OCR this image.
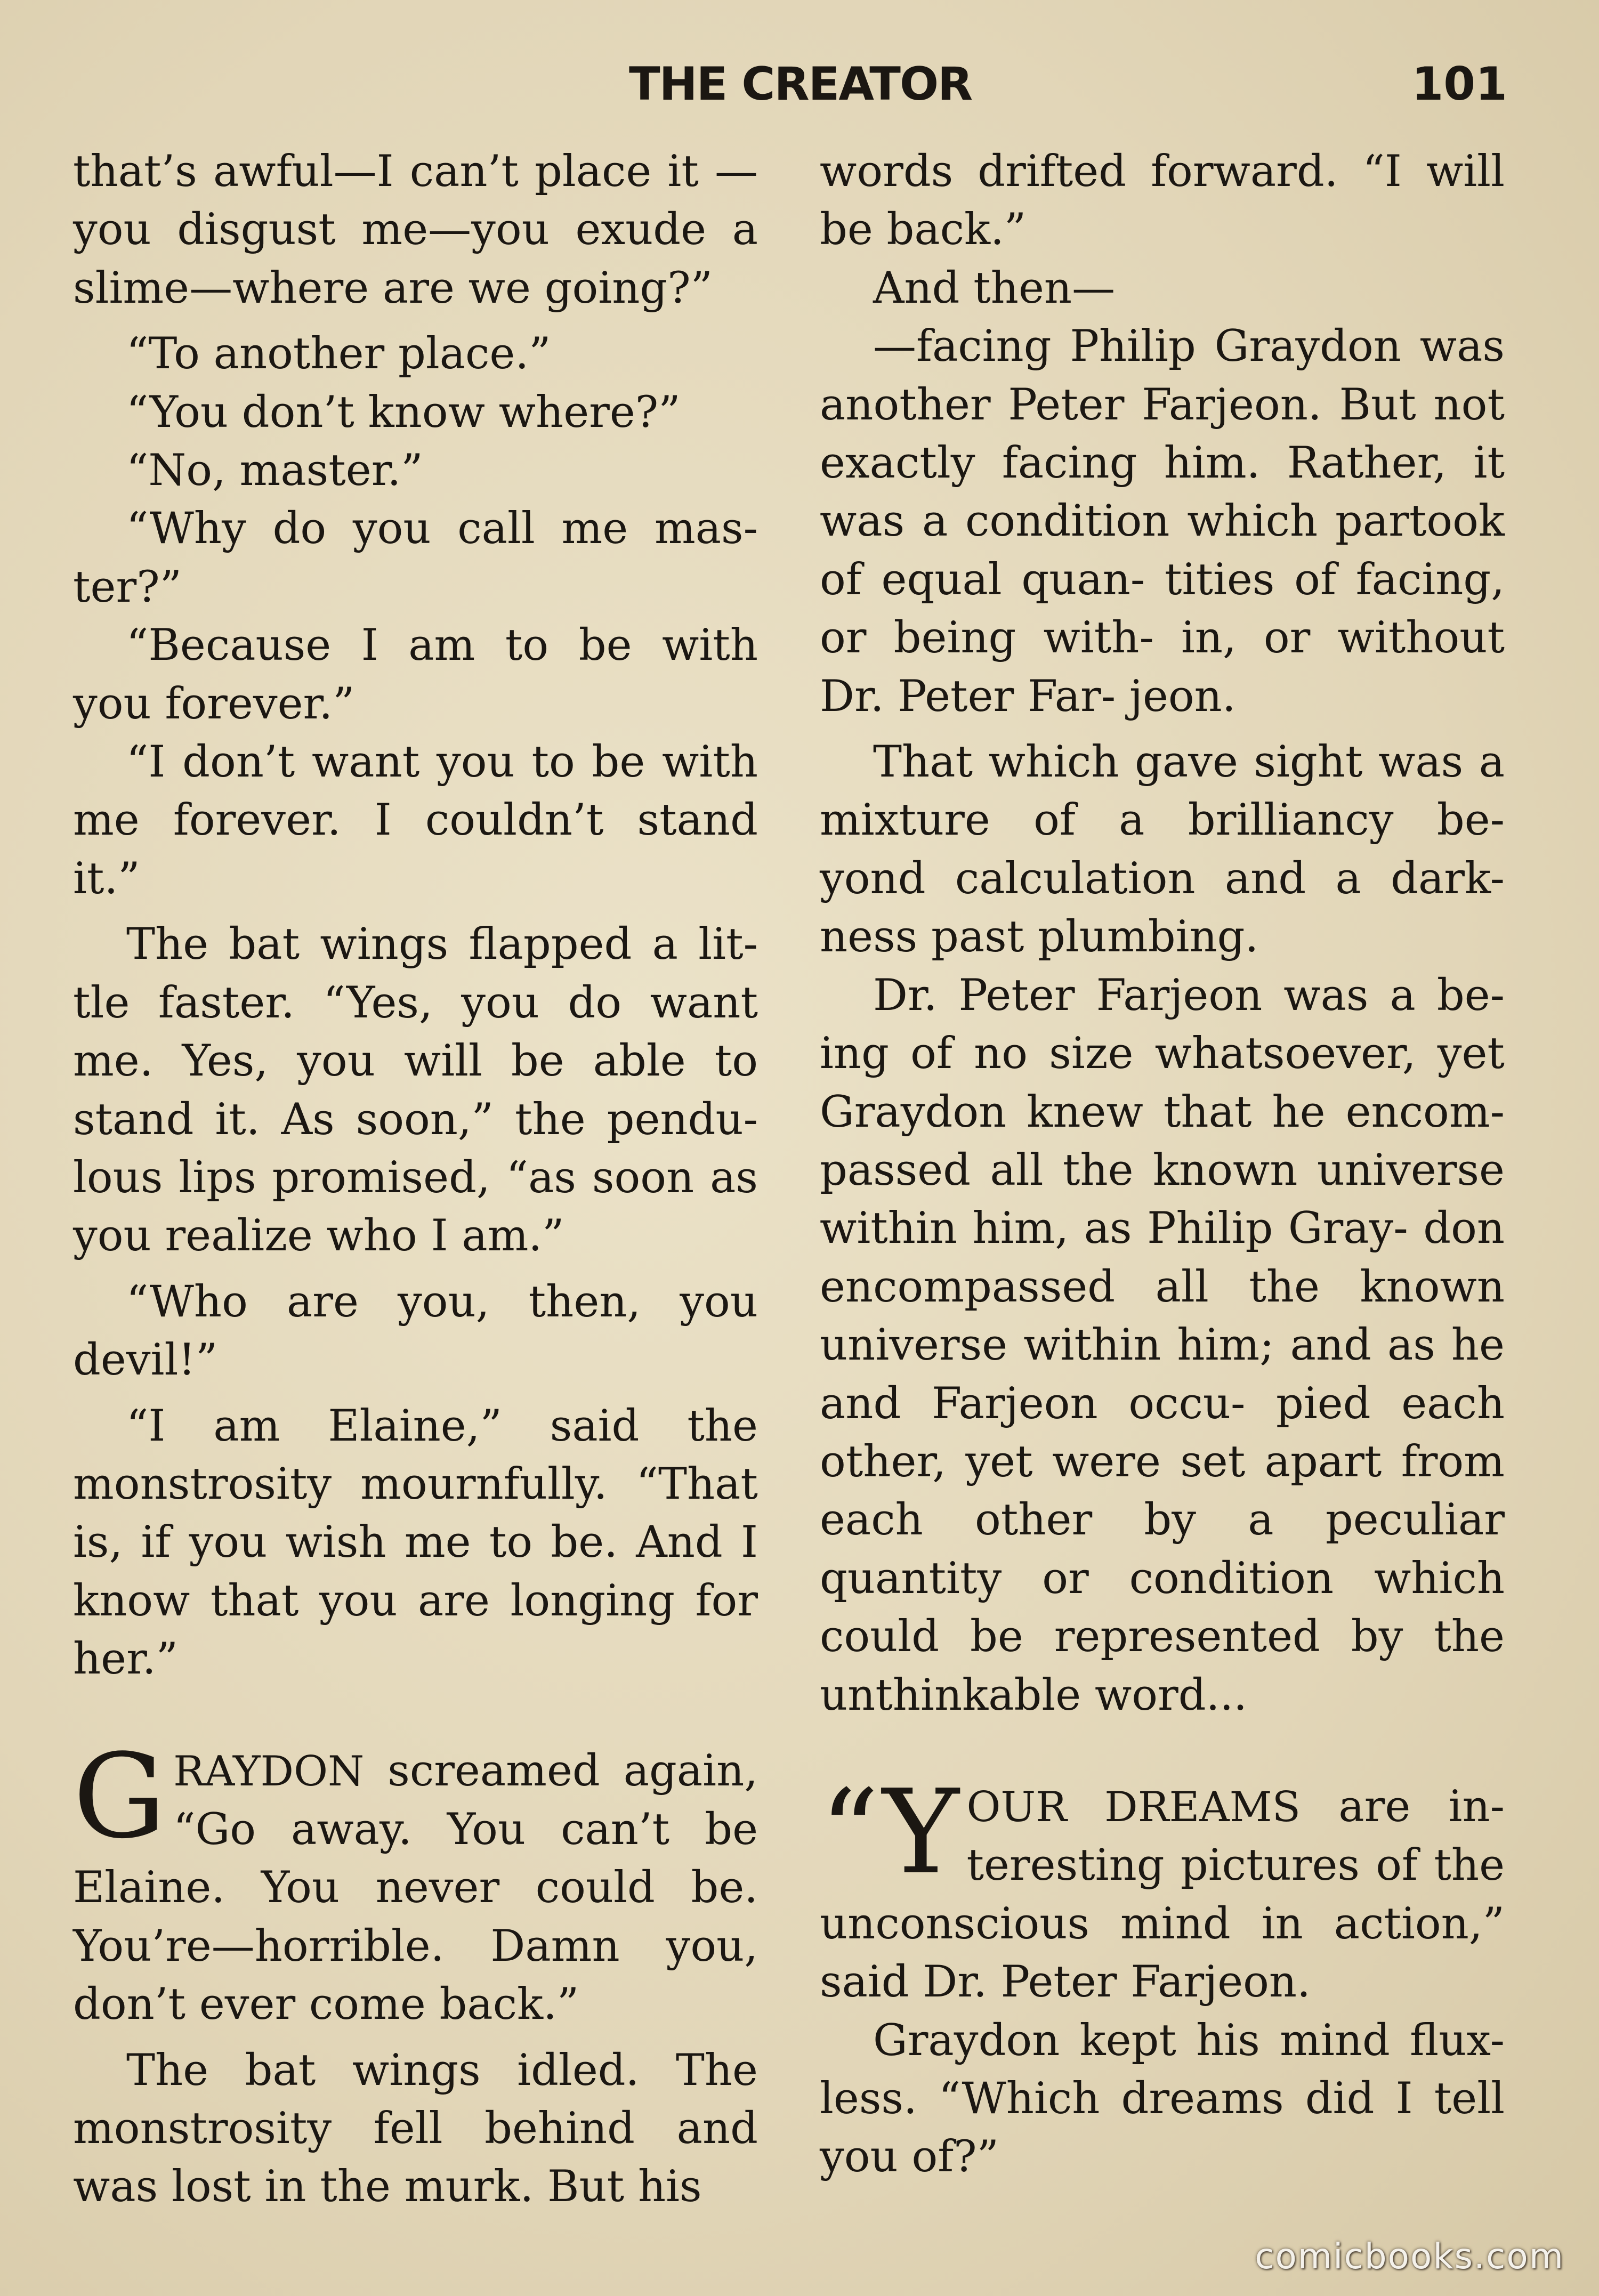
THE CREATOR	101

that’s awful—I can’t place it —you disgust me—you exude a slime—where are we going?”

“To another place.”

“You don’t know where?”

“No, master.”

“Why do you call me mas- ter?”

“Because I am to be with you forever.”

“I don’t want you to be with me forever. I couldn’t stand it.”

The bat wings flapped a lit- tle faster. “Yes, you do want me. Yes, you will be able to stand it. As soon,” the pendu- lous lips promised, “as soon as you realize who I am.”

“Who are you, then, you devil!”

“I am Elaine,” said the monstrosity mournfully. “That is, if you wish me to be. And I know that you are longing for her.”

GRAYDON screamed again, “Go away. You can’t be Elaine. You never could be. You’re—horrible. Damn you, don’t ever come back.”

The bat wings idled. The monstrosity fell behind and was lost in the murk. But his

words drifted forward. “I will be back.”

And then—

—facing Philip Graydon was another Peter Farjeon. But not exactly facing him. Rather, it was a condition which partook of equal quan- tities of facing, or being with- in, or without Dr. Peter Far- jeon.

That which gave sight was a mixture of a brilliancy be- yond calculation and a dark- ness past plumbing.

Dr. Peter Farjeon was a be- ing of no size whatsoever, yet Graydon knew that he encom- passed all the known universe within him, as Philip Gray- don encompassed all the known universe within him; and as he and Farjeon occu- pied each other, yet were set apart from each other by a peculiar quantity or condition which could be represented by the unthinkable word...

“YOUR DREAMS are in- teresting pictures of the unconscious mind in action,” said Dr. Peter Farjeon.

Graydon kept his mind flux- less. “Which dreams did I tell you of?”

comicbooks.com
